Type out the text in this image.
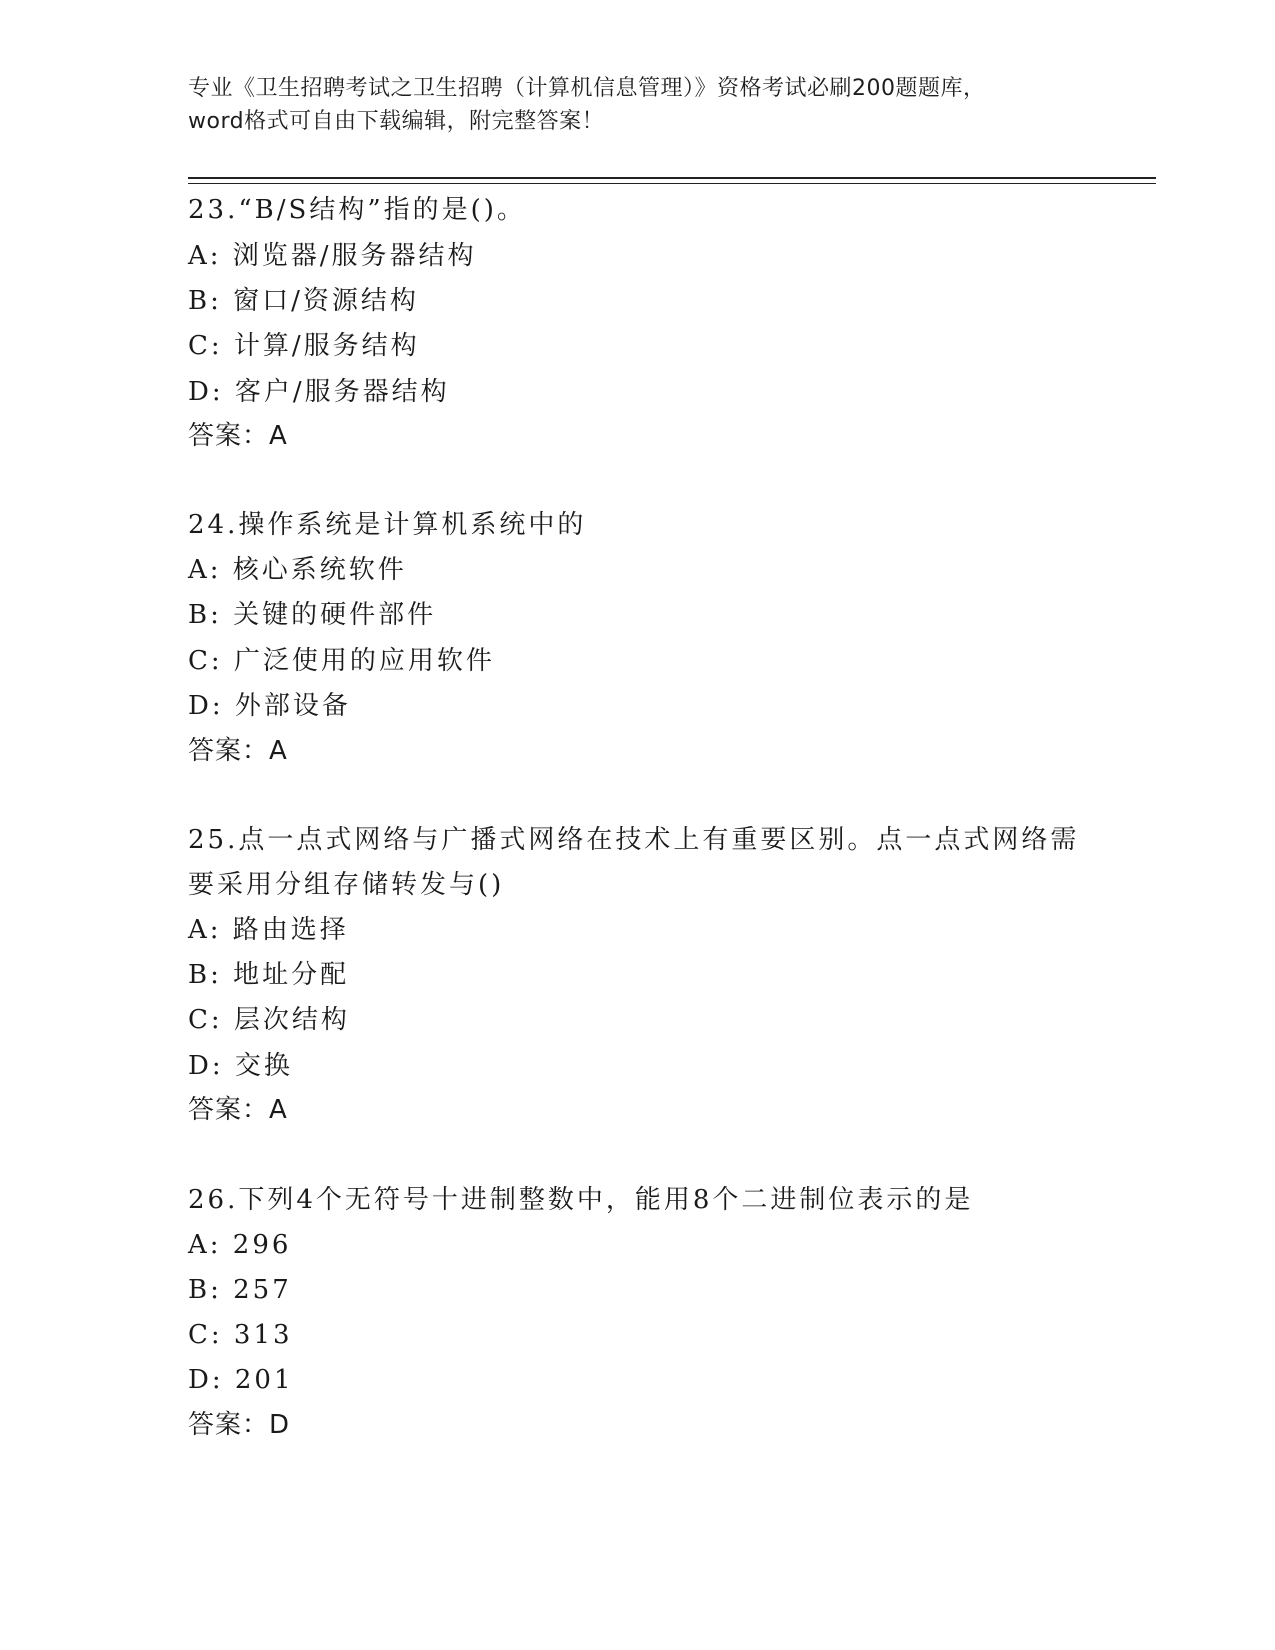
专业《卫生招聘考试之卫生招聘（计算机信息管理）》资格考试必刷200题题库，
word格式可自由下载编辑，附完整答案！
23.“B/S结构”指的是()。
A: 浏览器/服务器结构
B: 窗口/资源结构
C: 计算/服务结构
D: 客户/服务器结构
答案：A
24.操作系统是计算机系统中的
A: 核心系统软件
B: 关键的硬件部件
C: 广泛使用的应用软件
D: 外部设备
答案：A
25.点一点式网络与广播式网络在技术上有重要区别。点一点式网络需
要采用分组存储转发与()
A: 路由选择
B: 地址分配
C: 层次结构
D: 交换
答案：A
26.下列4个无符号十进制整数中，能用8个二进制位表示的是
A: 296
B: 257
C: 313
D: 201
答案：D
